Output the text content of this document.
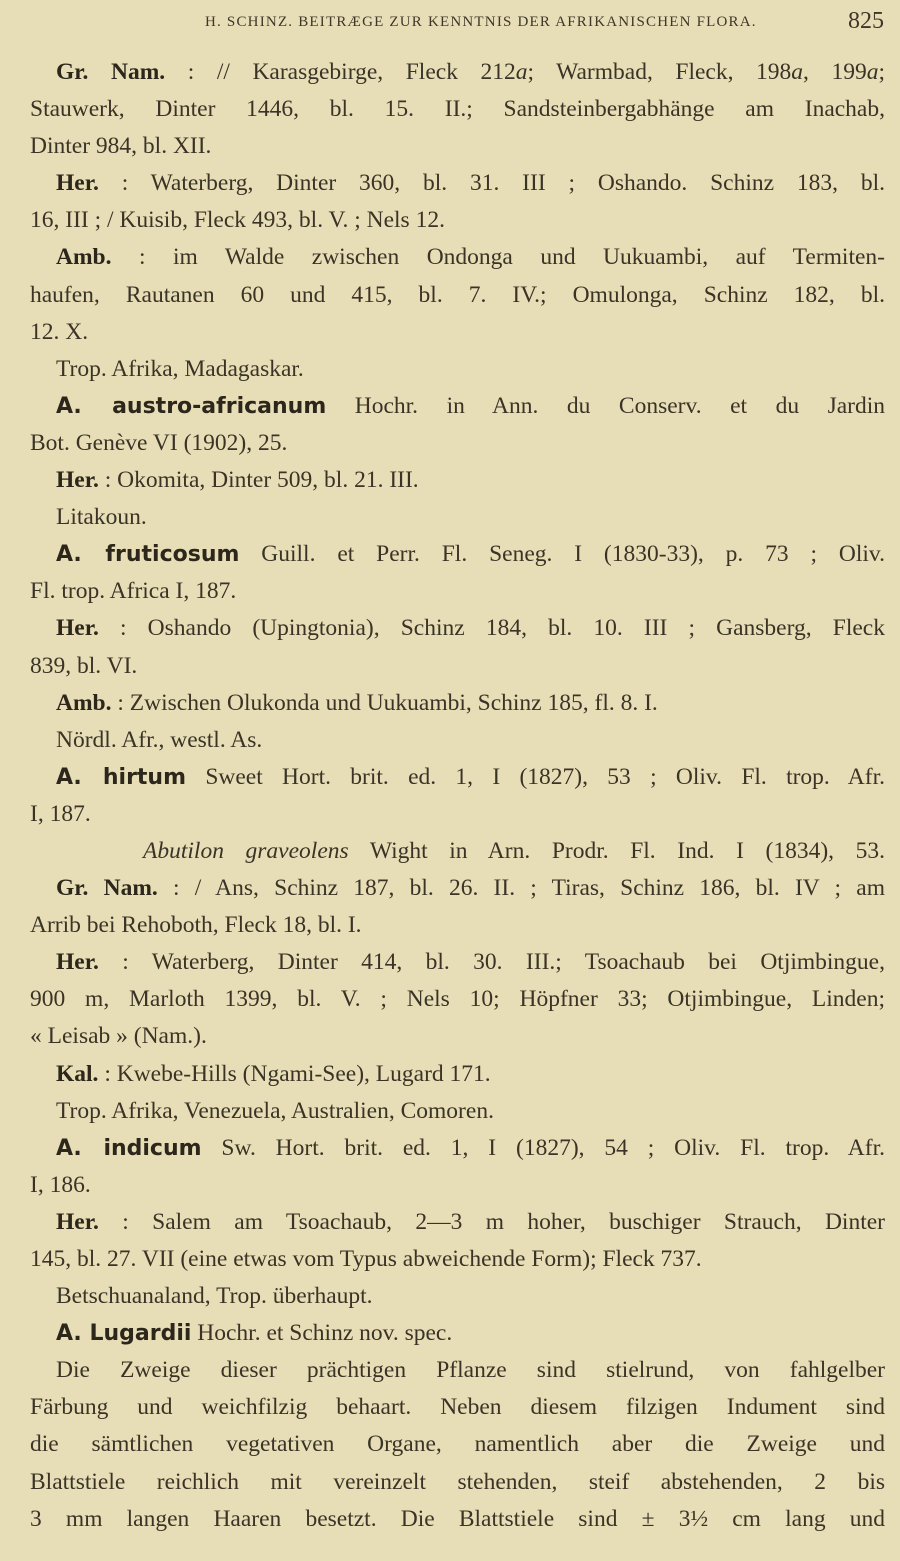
H. SCHINZ. BEITRÆGE ZUR KENNTNIS DER AFRIKANISCHEN FLORA.	825
Gr. Nam. : // Karasgebirge, Fleck 212a; Warmbad, Fleck, 198a, 199a;
Stauwerk, Dinter 1446, bl. 15. II.; Sandsteinbergabhänge am Inachab,
Dinter 984, bl. XII.
Her. : Waterberg, Dinter 360, bl. 31. III ; Oshando. Schinz 183, bl.
16, III ; / Kuisib, Fleck 493, bl. V. ; Nels 12.
Amb. : im Walde zwischen Ondonga und Uukuambi, auf Termiten-
haufen, Rautanen 60 und 415, bl. 7. IV.; Omulonga, Schinz 182, bl.
12. X.
Trop. Afrika, Madagaskar.
A. austro-africanum Hochr. in Ann. du Conserv. et du Jardin
Bot. Genève VI (1902), 25.
Her. : Okomita, Dinter 509, bl. 21. III.
Litakoun.
A. fruticosum Guill. et Perr. Fl. Seneg. I (1830-33), p. 73 ; Oliv.
Fl. trop. Africa I, 187.
Her. : Oshando (Upingtonia), Schinz 184, bl. 10. III ; Gansberg, Fleck
839, bl. VI.
Amb. : Zwischen Olukonda und Uukuambi, Schinz 185, fl. 8. I.
Nördl. Afr., westl. As.
A. hirtum Sweet Hort. brit. ed. 1, I (1827), 53 ; Oliv. Fl. trop. Afr.
I, 187.
Abutilon graveolens Wight in Arn. Prodr. Fl. Ind. I (1834), 53.
Gr. Nam. : / Ans, Schinz 187, bl. 26. II. ; Tiras, Schinz 186, bl. IV ; am
Arrib bei Rehoboth, Fleck 18, bl. I.
Her. : Waterberg, Dinter 414, bl. 30. III.; Tsoachaub bei Otjimbingue,
900 m, Marloth 1399, bl. V. ; Nels 10; Höpfner 33; Otjimbingue, Linden;
« Leisab » (Nam.).
Kal. : Kwebe-Hills (Ngami-See), Lugard 171.
Trop. Afrika, Venezuela, Australien, Comoren.
A. indicum Sw. Hort. brit. ed. 1, I (1827), 54 ; Oliv. Fl. trop. Afr.
I, 186.
Her. : Salem am Tsoachaub, 2—3 m hoher, buschiger Strauch, Dinter
145, bl. 27. VII (eine etwas vom Typus abweichende Form); Fleck 737.
Betschuanaland, Trop. überhaupt.
A. Lugardii Hochr. et Schinz nov. spec.
Die Zweige dieser prächtigen Pflanze sind stielrund, von fahlgelber
Färbung und weichfilzig behaart. Neben diesem filzigen Indument sind
die sämtlichen vegetativen Organe, namentlich aber die Zweige und
Blattstiele reichlich mit vereinzelt stehenden, steif abstehenden, 2 bis
3 mm langen Haaren besetzt. Die Blattstiele sind ± 3½ cm lang und
